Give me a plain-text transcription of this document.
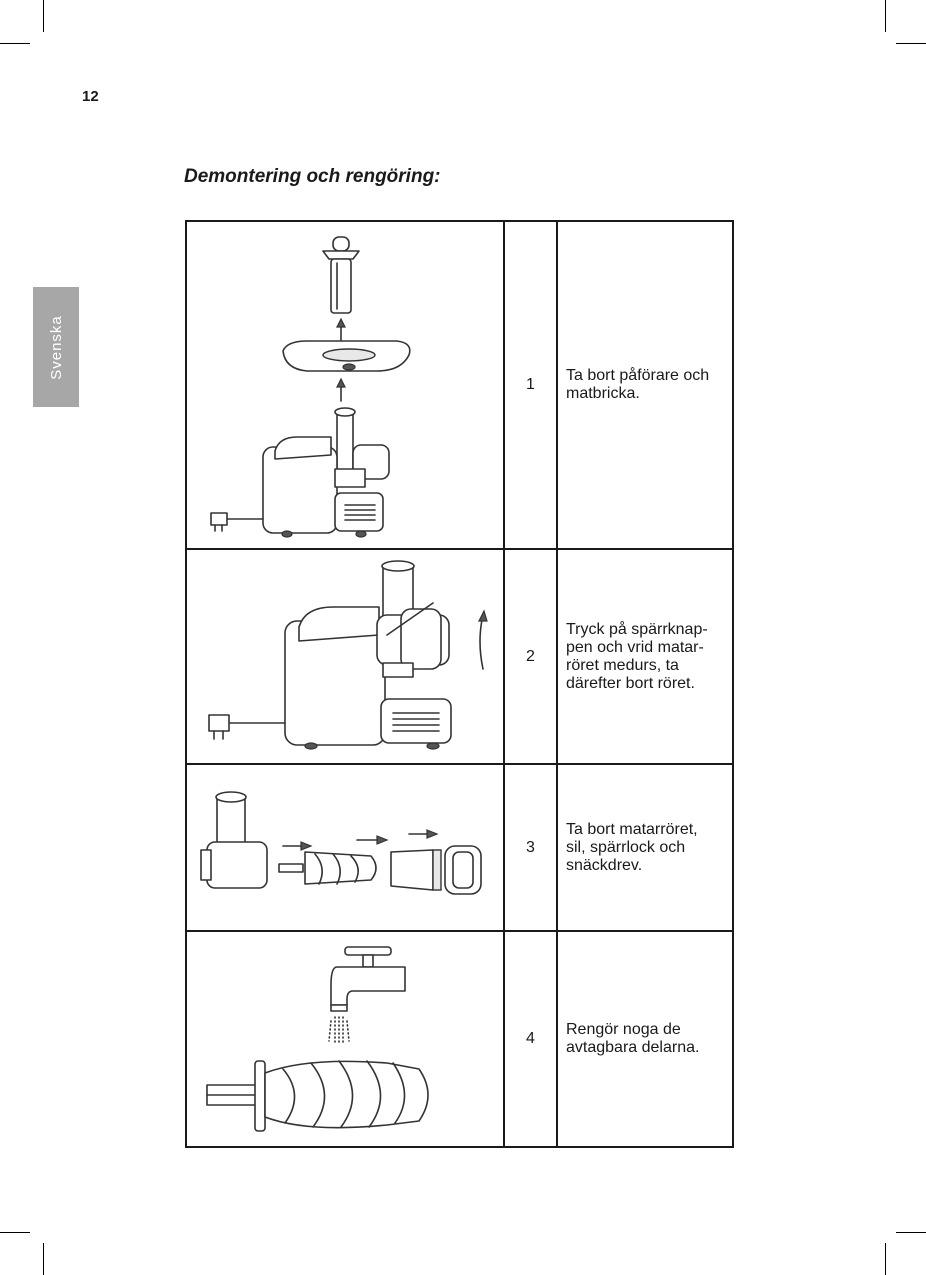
12
Svenska
Demontering och rengöring:
	1	Ta bort påförare och
matbricka.

	2	Tryck på spärrknap-
pen och vrid matar-
röret medurs, ta
därefter bort röret.

	3	Ta bort matarröret,
sil, spärrlock och
snäckdrev.

	4	Rengör noga de
avtagbara delarna.
